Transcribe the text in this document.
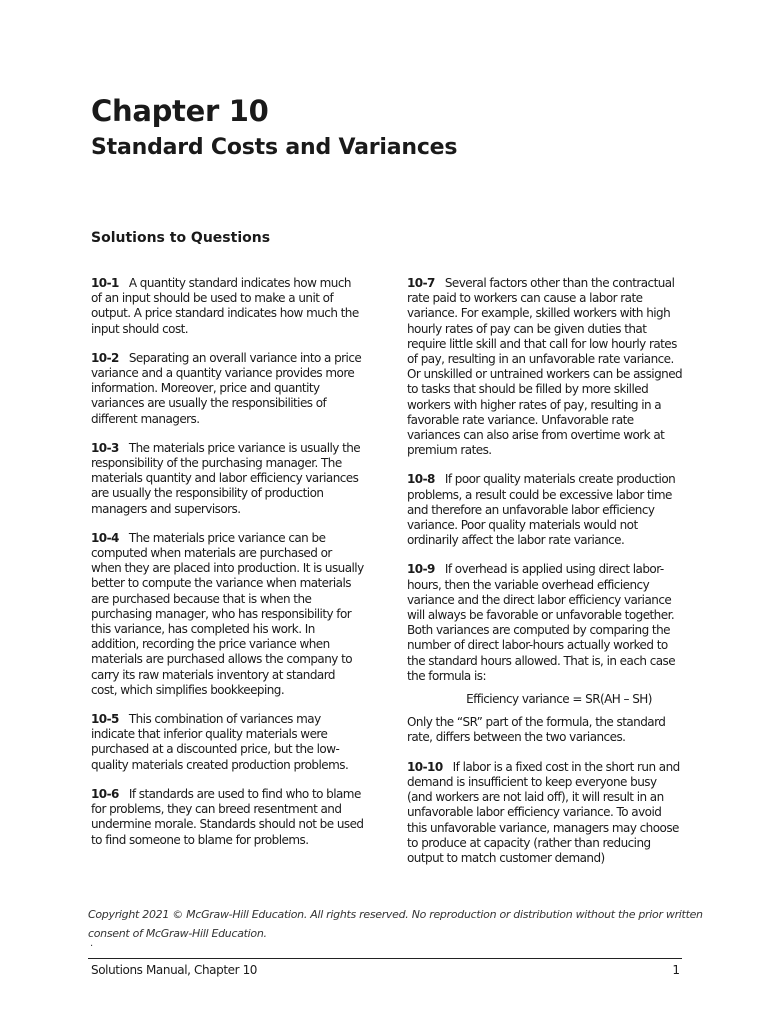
Chapter 10
Standard Costs and Variances
Solutions to Questions

10-1 A quantity standard indicates how much of an input should be used to make a unit of output. A price standard indicates how much the input should cost.

10-2 Separating an overall variance into a price variance and a quantity variance provides more information. Moreover, price and quantity variances are usually the responsibilities of different managers.

10-3 The materials price variance is usually the responsibility of the purchasing manager. The materials quantity and labor efficiency variances are usually the responsibility of production managers and supervisors.

10-4 The materials price variance can be computed when materials are purchased or when they are placed into production. It is usually better to compute the variance when materials are purchased because that is when the purchasing manager, who has responsibility for this variance, has completed his work. In addition, recording the price variance when materials are purchased allows the company to carry its raw materials inventory at standard cost, which simplifies bookkeeping.

10-5 This combination of variances may indicate that inferior quality materials were purchased at a discounted price, but the low-quality materials created production problems.

10-6 If standards are used to find who to blame for problems, they can breed resentment and undermine morale. Standards should not be used to find someone to blame for problems.

10-7 Several factors other than the contractual rate paid to workers can cause a labor rate variance. For example, skilled workers with high hourly rates of pay can be given duties that require little skill and that call for low hourly rates of pay, resulting in an unfavorable rate variance. Or unskilled or untrained workers can be assigned to tasks that should be filled by more skilled workers with higher rates of pay, resulting in a favorable rate variance. Unfavorable rate variances can also arise from overtime work at premium rates.

10-8 If poor quality materials create production problems, a result could be excessive labor time and therefore an unfavorable labor efficiency variance. Poor quality materials would not ordinarily affect the labor rate variance.

10-9 If overhead is applied using direct labor-hours, then the variable overhead efficiency variance and the direct labor efficiency variance will always be favorable or unfavorable together. Both variances are computed by comparing the number of direct labor-hours actually worked to the standard hours allowed. That is, in each case the formula is:

Efficiency variance = SR(AH – SH)

Only the “SR” part of the formula, the standard rate, differs between the two variances.

10-10 If labor is a fixed cost in the short run and demand is insufficient to keep everyone busy (and workers are not laid off), it will result in an unfavorable labor efficiency variance. To avoid this unfavorable variance, managers may choose to produce at capacity (rather than reducing output to match customer demand)

Copyright 2021 © McGraw-Hill Education. All rights reserved. No reproduction or distribution without the prior written consent of McGraw-Hill Education.
.
Solutions Manual, Chapter 10	1
